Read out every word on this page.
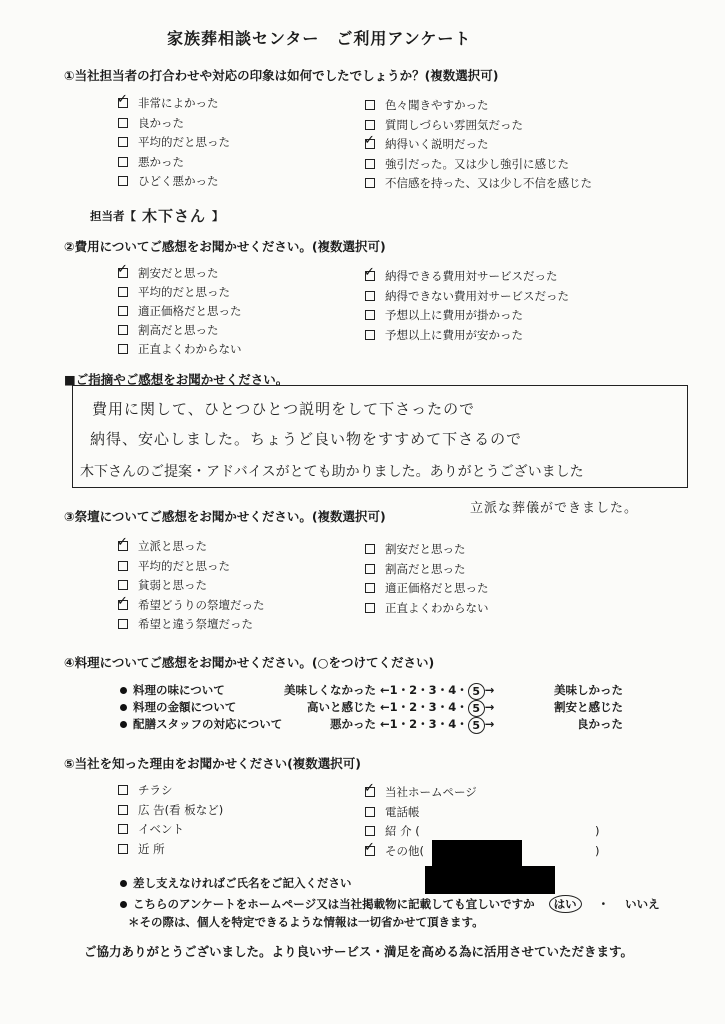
家族葬相談センター　ご利用アンケート
①当社担当者の打合わせや対応の印象は如何でしたでしょうか？(複数選択可)
✓ 非常によかった
良かった
平均的だと思った
悪かった
ひどく悪かった
色々聞きやすかった
質問しづらい雰囲気だった
✓ 納得いく説明だった
強引だった。又は少し強引に感じた
不信感を持った、又は少し不信を感じた
担当者【 木下さん 】
②費用についてご感想をお聞かせください。(複数選択可)
✓ 割安だと思った
平均的だと思った
適正価格だと思った
割高だと思った
正直よくわからない
✓ 納得できる費用対サービスだった
納得できない費用対サービスだった
予想以上に費用が掛かった
予想以上に費用が安かった
■ご指摘やご感想をお聞かせください。
費用に関して、ひとつひとつ説明をして下さったので
納得、安心しました。ちょうど良い物をすすめて下さるので
木下さんのご提案・アドバイスがとても助かりました。ありがとうございました
立派な葬儀ができました。
③祭壇についてご感想をお聞かせください。(複数選択可)
✓ 立派と思った
平均的だと思った
貧弱と思った
✓ 希望どうりの祭壇だった
希望と違う祭壇だった
割安だと思った
割高だと思った
適正価格だと思った
正直よくわからない
④料理についてご感想をお聞かせください。(○をつけてください)
料理の味について	美味しくなかった ←1・2・3・4・ 5 →	美味しかった
料理の金額について	高いと感じた ←1・2・3・4・ 5 →	割安と感じた
配膳スタッフの対応について	悪かった ←1・2・3・4・ 5 →	良かった
⑤当社を知った理由をお聞かせください(複数選択可)
チラシ
広 告(看 板など)
イベント
近 所
✓ 当社ホームページ
電話帳
紹 介 (	)
✓ その他(	)
差し支えなければご氏名をご記入ください
こちらのアンケートをホームページ又は当社掲載物に記載しても宜しいですか	はい	・ いいえ
＊その際は、個人を特定できるような情報は一切省かせて頂きます。
ご協力ありがとうございました。より良いサービス・満足を高める為に活用させていただきます。
